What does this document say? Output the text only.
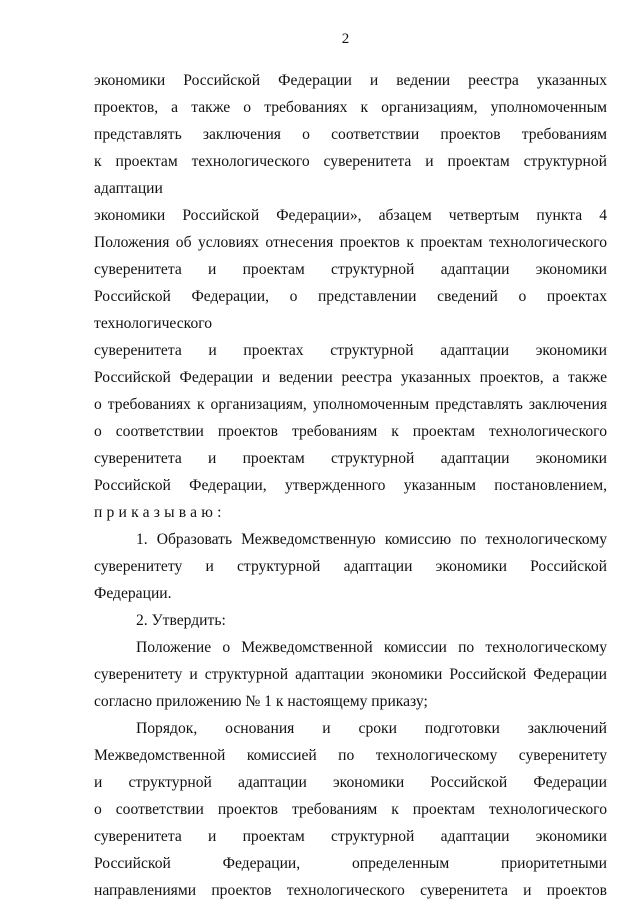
2
экономики Российской Федерации и ведении реестра указанных
проектов, а также о требованиях к организациям, уполномоченным
представлять заключения о соответствии проектов требованиям
к проектам технологического суверенитета и проектам структурной адаптации
экономики Российской Федерации», абзацем четвертым пункта 4
Положения об условиях отнесения проектов к проектам технологического
суверенитета и проектам структурной адаптации экономики
Российской Федерации, о представлении сведений о проектах технологического
суверенитета и проектах структурной адаптации экономики
Российской Федерации и ведении реестра указанных проектов, а также
о требованиях к организациям, уполномоченным представлять заключения
о соответствии проектов требованиям к проектам технологического
суверенитета и проектам структурной адаптации экономики
Российской Федерации, утвержденного указанным постановлением,
приказываю:
1. Образовать Межведомственную комиссию по технологическому
суверенитету и структурной адаптации экономики Российской
Федерации.
2. Утвердить:
Положение о Межведомственной комиссии по технологическому
суверенитету и структурной адаптации экономики Российской Федерации
согласно приложению № 1 к настоящему приказу;
Порядок, основания и сроки подготовки заключений
Межведомственной комиссией по технологическому суверенитету
и структурной адаптации экономики Российской Федерации
о соответствии проектов требованиям к проектам технологического
суверенитета и проектам структурной адаптации экономики
Российской Федерации, определенным приоритетными
направлениями проектов технологического суверенитета и проектов
